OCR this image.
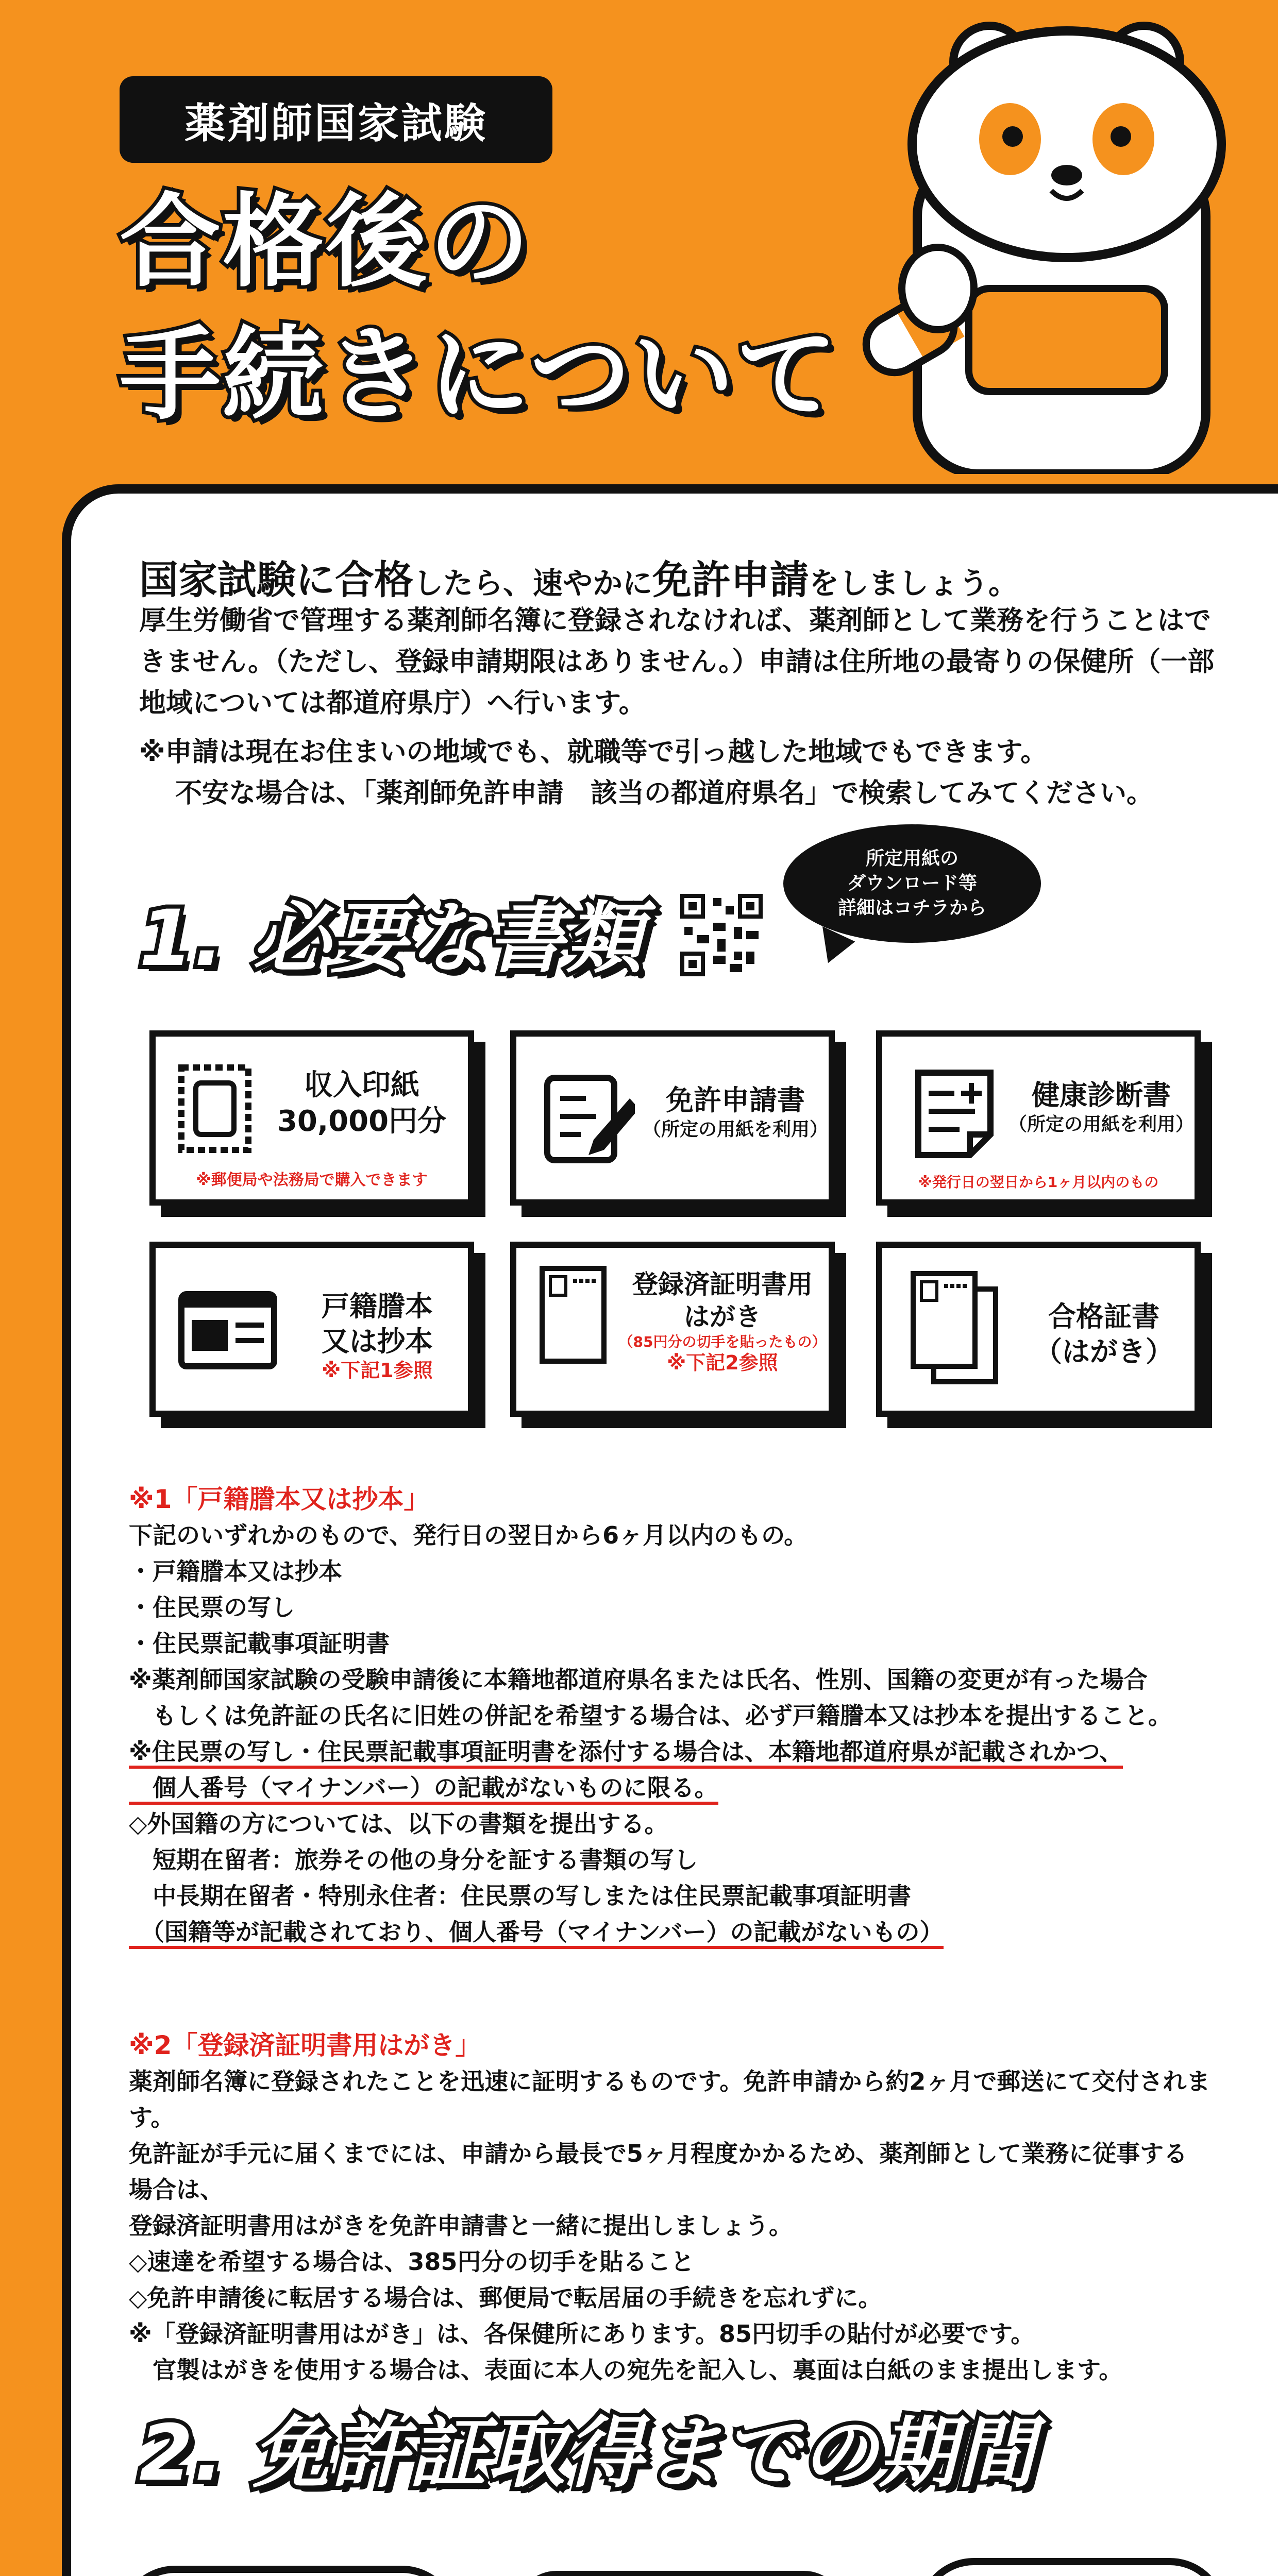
薬剤師国家試験
合格後の
手続きについて
国家試験に合格したら、速やかに免許申請をしましょう。
厚生労働省で管理する薬剤師名簿に登録されなければ、薬剤師として業務を行うことはできません。（ただし、登録申請期限はありません。）申請は住所地の最寄りの保健所（一部地域については都道府県庁）へ行います。
※申請は現在お住まいの地域でも、就職等で引っ越した地域でもできます。
不安な場合は、「薬剤師免許申請　該当の都道府県名」で検索してみてください。
1. 必要な書類
所定用紙の
ダウンロード等
詳細はコチラから
収入印紙
30,000円分
※郵便局や法務局で購入できます
免許申請書
（所定の用紙を利用）
健康診断書
（所定の用紙を利用）
※発行日の翌日から1ヶ月以内のもの
戸籍謄本
又は抄本
※下記1参照
登録済証明書用
はがき
（85円分の切手を貼ったもの）
※下記2参照
合格証書
（はがき）
※1「戸籍謄本又は抄本」
下記のいずれかのもので、発行日の翌日から6ヶ月以内のもの。
・戸籍謄本又は抄本
・住民票の写し
・住民票記載事項証明書
※薬剤師国家試験の受験申請後に本籍地都道府県名または氏名、性別、国籍の変更が有った場合
　もしくは免許証の氏名に旧姓の併記を希望する場合は、必ず戸籍謄本又は抄本を提出すること。
※住民票の写し・住民票記載事項証明書を添付する場合は、本籍地都道府県が記載されかつ、
　個人番号（マイナンバー）の記載がないものに限る。
◇外国籍の方については、以下の書類を提出する。
　短期在留者：旅券その他の身分を証する書類の写し
　中長期在留者・特別永住者：住民票の写しまたは住民票記載事項証明書
　（国籍等が記載されており、個人番号（マイナンバー）の記載がないもの）
※2「登録済証明書用はがき」
薬剤師名簿に登録されたことを迅速に証明するものです。免許申請から約2ヶ月で郵送にて交付されます。
免許証が手元に届くまでには、申請から最長で5ヶ月程度かかるため、薬剤師として業務に従事する場合は、
登録済証明書用はがきを免許申請書と一緒に提出しましょう。
◇速達を希望する場合は、385円分の切手を貼ること
◇免許申請後に転居する場合は、郵便局で転居届の手続きを忘れずに。
※「登録済証明書用はがき」は、各保健所にあります。85円切手の貼付が必要です。
　官製はがきを使用する場合は、表面に本人の宛先を記入し、裏面は白紙のまま提出します。
2. 免許証取得までの期間
